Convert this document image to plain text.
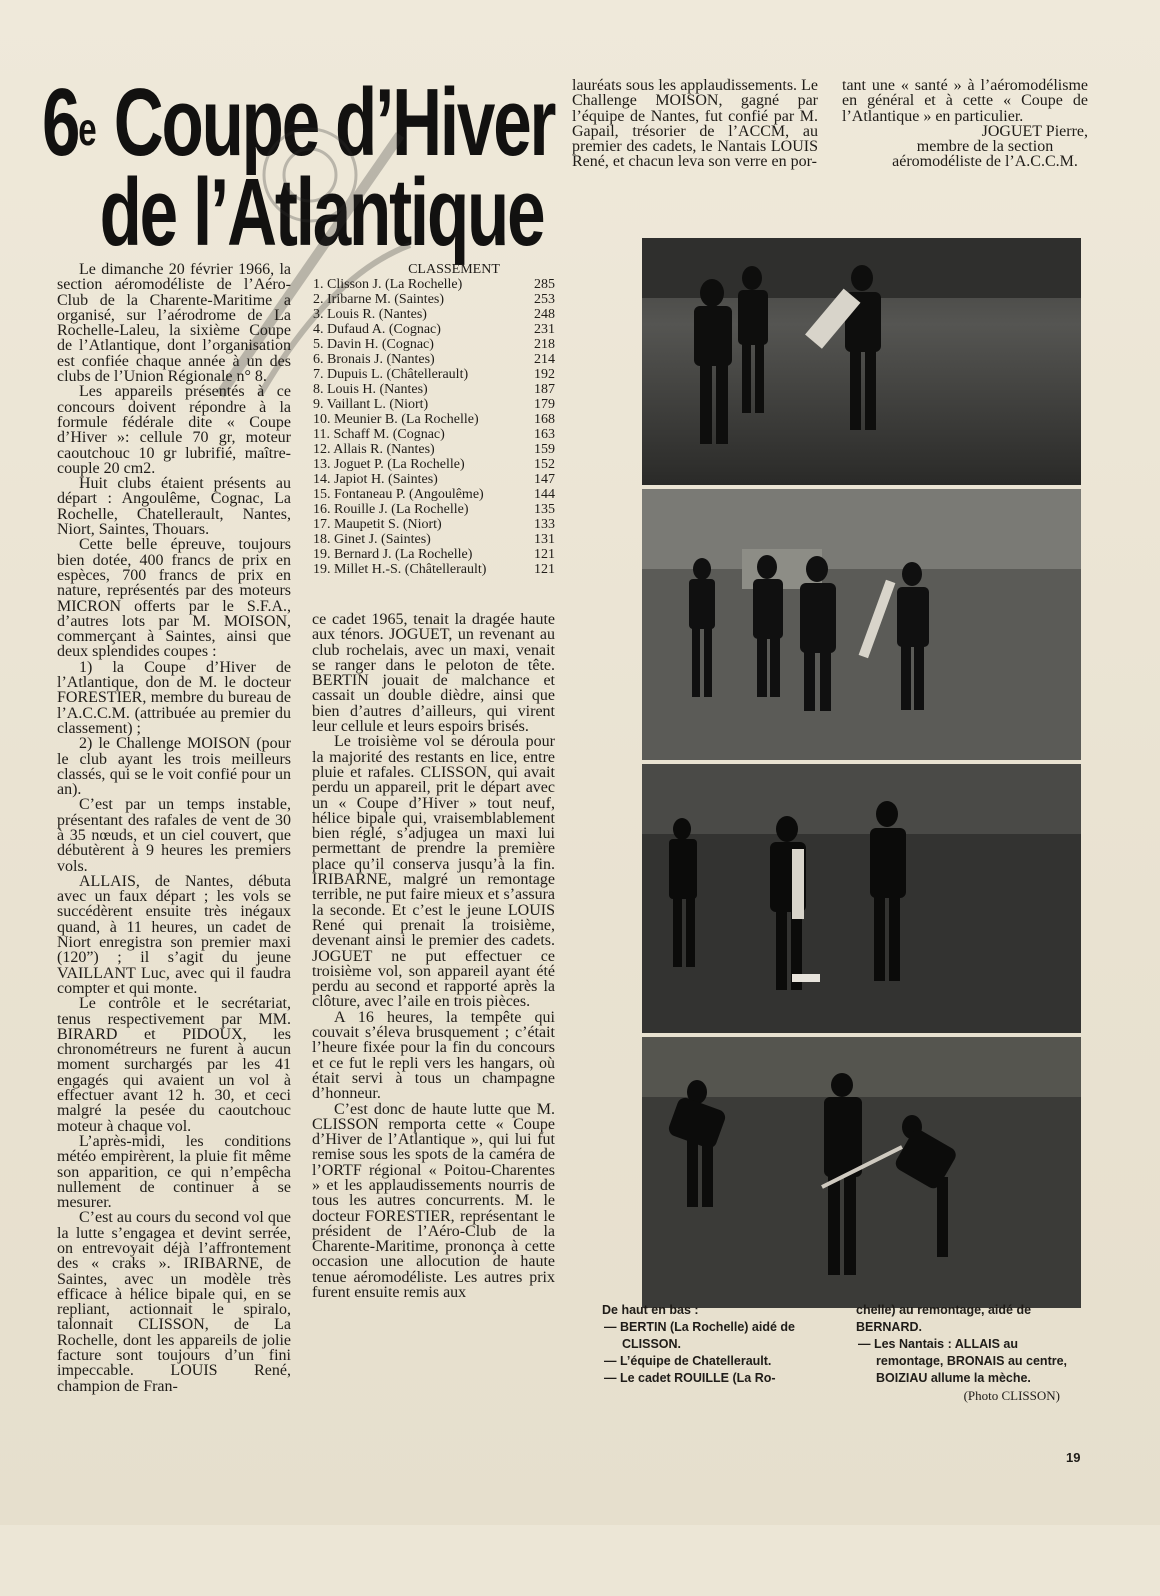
6e Coupe d’Hiver
de l’Atlantique

Le dimanche 20 février 1966, la section aéromodéliste de l’Aéro-Club de la Charente-Maritime a organisé, sur l’aérodrome de La Rochelle-Laleu, la sixième Coupe de l’Atlantique, dont l’organisation est confiée chaque année à un des clubs de l’Union Régionale n° 8.

Les appareils présentés à ce concours doivent répondre à la formule fédérale dite « Coupe d’Hiver »: cellule 70 gr, moteur caoutchouc 10 gr lubrifié, maître-couple 20 cm2.

Huit clubs étaient présents au départ : Angoulême, Cognac, La Rochelle, Chatellerault, Nantes, Niort, Saintes, Thouars.

Cette belle épreuve, toujours bien dotée, 400 francs de prix en espèces, 700 francs de prix en nature, représentés par des moteurs MICRON offerts par le S.F.A., d’autres lots par M. MOISON, commerçant à Saintes, ainsi que deux splendides coupes :

1) la Coupe d’Hiver de l’Atlantique, don de M. le docteur FORESTIER, membre du bureau de l’A.C.C.M. (attribuée au premier du classement) ;

2) le Challenge MOISON (pour le club ayant les trois meilleurs classés, qui se le voit confié pour un an).

C’est par un temps instable, présentant des rafales de vent de 30 à 35 nœuds, et un ciel couvert, que débutèrent à 9 heures les premiers vols.

ALLAIS, de Nantes, débuta avec un faux départ ; les vols se succédèrent ensuite très inégaux quand, à 11 heures, un cadet de Niort enregistra son premier maxi (120”) ; il s’agit du jeune VAILLANT Luc, avec qui il faudra compter et qui monte.

Le contrôle et le secrétariat, tenus respectivement par MM. BIRARD et PIDOUX, les chronométreurs ne furent à aucun moment surchargés par les 41 engagés qui avaient un vol à effectuer avant 12 h. 30, et ceci malgré la pesée du caoutchouc moteur à chaque vol.

L’après-midi, les conditions météo empirèrent, la pluie fit même son apparition, ce qui n’empêcha nullement de continuer à se mesurer.

C’est au cours du second vol que la lutte s’engagea et devint serrée, on entrevoyait déjà l’affrontement des « craks ». IRIBARNE, de Saintes, avec un modèle très efficace à hélice bipale qui, en se repliant, actionnait le spiralo, talonnait CLISSON, de La Rochelle, dont les appareils de jolie facture sont toujours d’un fini impeccable. LOUIS René, champion de Fran-

CLASSEMENT
1. Clisson J. (La Rochelle)	285
2. Iribarne M. (Saintes)	253
3. Louis R. (Nantes)	248
4. Dufaud A. (Cognac)	231
5. Davin H. (Cognac)	218
6. Bronais J. (Nantes)	214
7. Dupuis L. (Châtellerault)	192
8. Louis H. (Nantes)	187
9. Vaillant L. (Niort)	179
10. Meunier B. (La Rochelle)	168
11. Schaff M. (Cognac)	163
12. Allais R. (Nantes)	159
13. Joguet P. (La Rochelle)	152
14. Japiot H. (Saintes)	147
15. Fontaneau P. (Angoulême)	144
16. Rouille J. (La Rochelle)	135
17. Maupetit S. (Niort)	133
18. Ginet J. (Saintes)	131
19. Bernard J. (La Rochelle)	121
19. Millet H.-S. (Châtellerault)	121

ce cadet 1965, tenait la dragée haute aux ténors. JOGUET, un revenant au club rochelais, avec un maxi, venait se ranger dans le peloton de tête. BERTIN jouait de malchance et cassait un double dièdre, ainsi que bien d’autres d’ailleurs, qui virent leur cellule et leurs espoirs brisés.

Le troisième vol se déroula pour la majorité des restants en lice, entre pluie et rafales. CLISSON, qui avait perdu un appareil, prit le départ avec un « Coupe d’Hiver » tout neuf, hélice bipale qui, vraisemblablement bien réglé, s’adjugea un maxi lui permettant de prendre la première place qu’il conserva jusqu’à la fin. IRIBARNE, malgré un remontage terrible, ne put faire mieux et s’assura la seconde. Et c’est le jeune LOUIS René qui prenait la troisième, devenant ainsi le premier des cadets. JOGUET ne put effectuer ce troisième vol, son appareil ayant été perdu au second et rapporté après la clôture, avec l’aile en trois pièces.

A 16 heures, la tempête qui couvait s’éleva brusquement ; c’était l’heure fixée pour la fin du concours et ce fut le repli vers les hangars, où était servi à tous un champagne d’honneur.

C’est donc de haute lutte que M. CLISSON remporta cette « Coupe d’Hiver de l’Atlantique », qui lui fut remise sous les spots de la caméra de l’ORTF régional « Poitou-Charentes » et les applaudissements nourris de tous les autres concurrents. M. le docteur FORESTIER, représentant le président de l’Aéro-Club de la Charente-Maritime, prononça à cette occasion une allocution de haute tenue aéromodéliste. Les autres prix furent ensuite remis aux

lauréats sous les applaudissements. Le Challenge MOISON, gagné par l’équipe de Nantes, fut confié par M. Gapail, trésorier de l’ACCM, au premier des cadets, le Nantais LOUIS René, et chacun leva son verre en por-

tant une « santé » à l’aéromodélisme en général et à cette « Coupe de l’Atlantique » en particulier.

JOGUET Pierre,
membre de la section
aéromodéliste de l’A.C.C.M.
De haut en bas :
— BERTIN (La Rochelle) aidé de CLISSON.
— L’équipe de Chatellerault.
— Le cadet ROUILLE (La Ro-
chelle) au remontage, aidé de BERNARD.
— Les Nantais : ALLAIS au remontage, BRONAIS au centre, BOIZIAU allume la mèche.
(Photo CLISSON)
19
